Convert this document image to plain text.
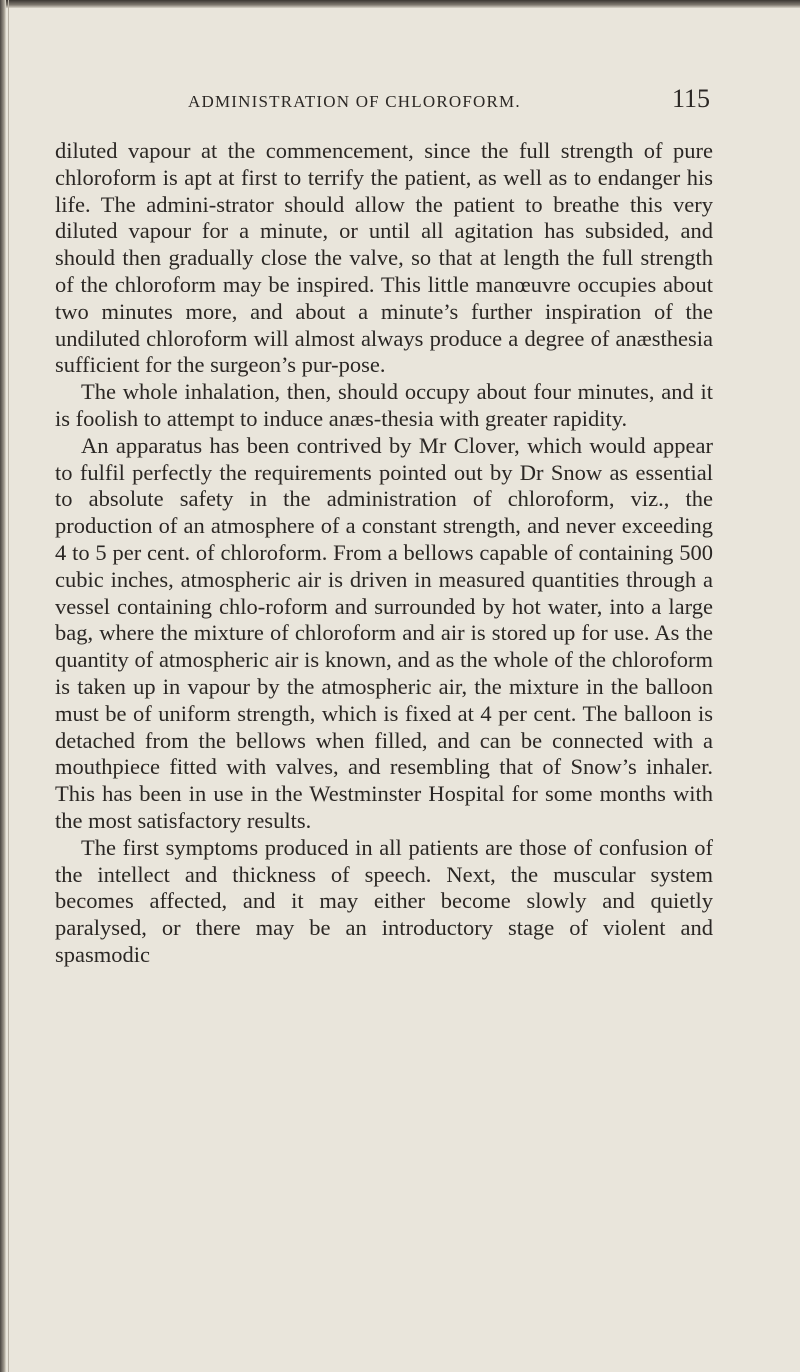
ADMINISTRATION OF CHLOROFORM.	115

diluted vapour at the commencement, since the full strength of pure chloroform is apt at first to terrify the patient, as well as to endanger his life. The admini-strator should allow the patient to breathe this very diluted vapour for a minute, or until all agitation has subsided, and should then gradually close the valve, so that at length the full strength of the chloroform may be inspired. This little manœuvre occupies about two minutes more, and about a minute’s further inspiration of the undiluted chloroform will almost always produce a degree of anæsthesia sufficient for the surgeon’s pur-pose.

The whole inhalation, then, should occupy about four minutes, and it is foolish to attempt to induce anæs-thesia with greater rapidity.

An apparatus has been contrived by Mr Clover, which would appear to fulfil perfectly the requirements pointed out by Dr Snow as essential to absolute safety in the administration of chloroform, viz., the production of an atmosphere of a constant strength, and never exceeding 4 to 5 per cent. of chloroform. From a bellows capable of containing 500 cubic inches, atmospheric air is driven in measured quantities through a vessel containing chlo-roform and surrounded by hot water, into a large bag, where the mixture of chloroform and air is stored up for use. As the quantity of atmospheric air is known, and as the whole of the chloroform is taken up in vapour by the atmospheric air, the mixture in the balloon must be of uniform strength, which is fixed at 4 per cent. The balloon is detached from the bellows when filled, and can be connected with a mouthpiece fitted with valves, and resembling that of Snow’s inhaler. This has been in use in the Westminster Hospital for some months with the most satisfactory results.

The first symptoms produced in all patients are those of confusion of the intellect and thickness of speech. Next, the muscular system becomes affected, and it may either become slowly and quietly paralysed, or there may be an introductory stage of violent and spasmodic
